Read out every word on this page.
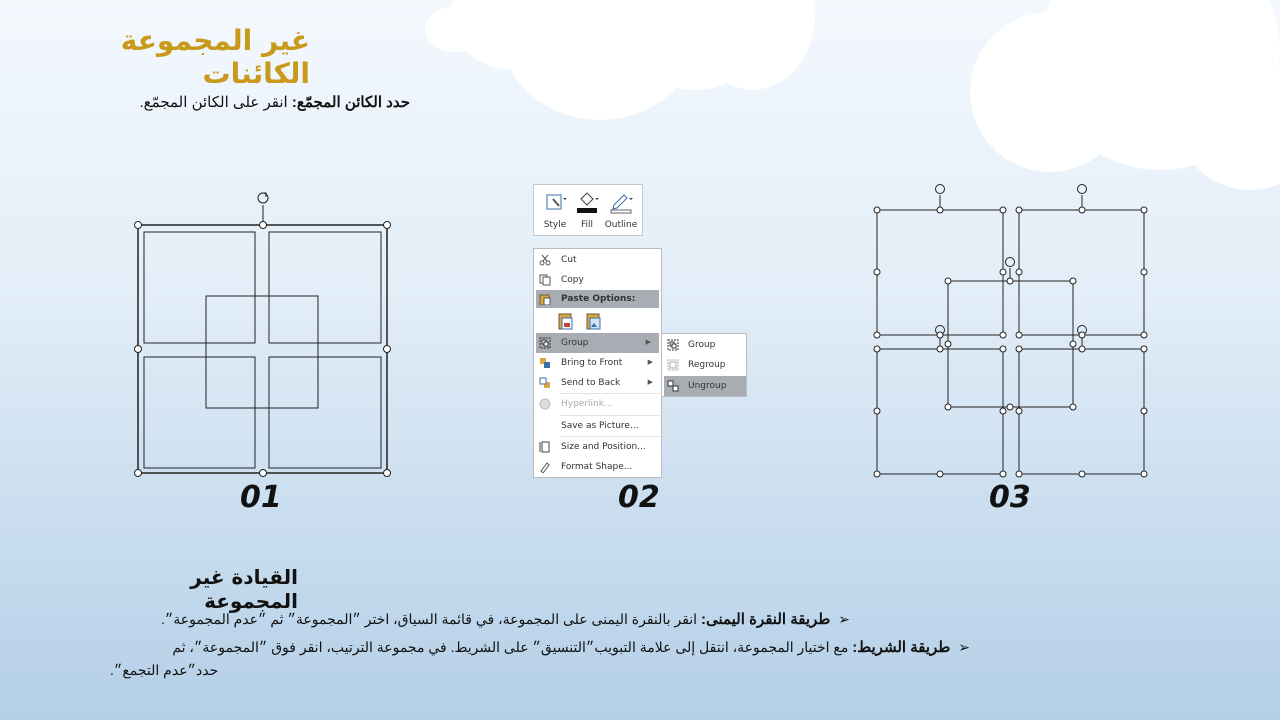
غير المجموعة الكائنات
حدد الكائن المجمّع: انقر على الكائن المجمّع.
Style	Fill	Outline
Cut
Copy
Paste Options:
Group	▶
Bring to Front	▶
Send to Back	▶
Hyperlink...
Save as Picture...
Size and Position...
Format Shape...
Group
Regroup
Ungroup
01	02	03
القيادة غير المجموعة
➢طريقة النقرة اليمنى: انقر بالنقرة اليمنى على المجموعة، في قائمة السياق، اختر ״المجموعة״ ثم ״عدم المجموعة״.
➢طريقة الشريط: مع اختيار المجموعة، انتقل إلى علامة التبويب״التنسيق״ على الشريط. في مجموعة الترتيب، انقر فوق ״المجموعة״، ثم

حدد״عدم التجمع״.
